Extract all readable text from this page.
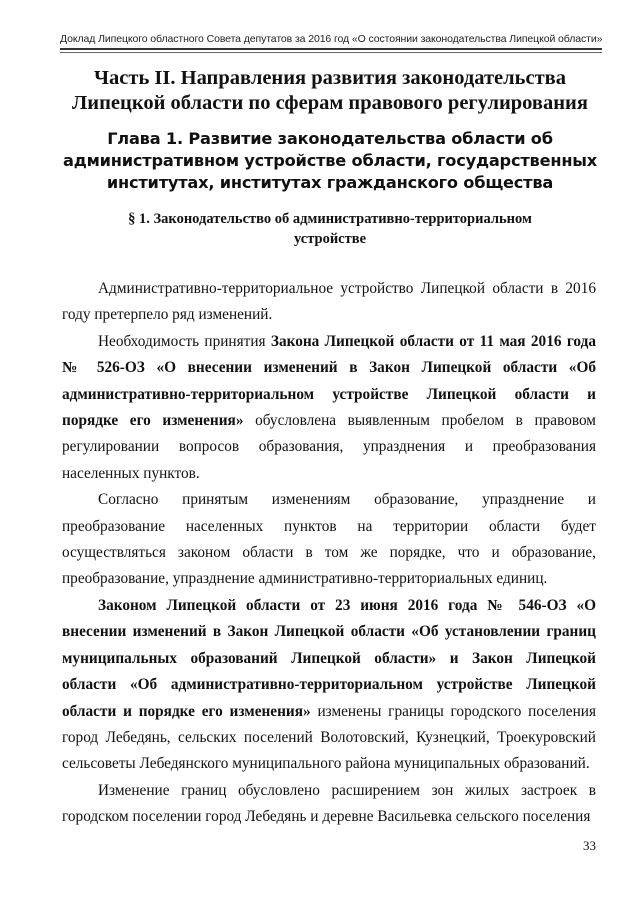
Доклад Липецкого областного Совета депутатов за 2016 год «О состоянии законодательства Липецкой области»
Часть II. Направления развития законодательства
Липецкой области по сферам правового регулирования
Глава 1. Развитие законодательства области об
административном устройстве области, государственных
институтах, институтах гражданского общества
§ 1. Законодательство об административно-территориальном
устройстве

Административно-территориальное устройство Липецкой области в 2016 году претерпело ряд изменений.

Необходимость принятия Закона Липецкой области от 11 мая 2016 года № 526-ОЗ «О внесении изменений в Закон Липецкой области «Об административно-территориальном устройстве Липецкой области и порядке его изменения» обусловлена выявленным пробелом в правовом регулировании вопросов образования, упразднения и преобразования населенных пунктов.

Согласно принятым изменениям образование, упразднение и преобразование населенных пунктов на территории области будет осуществляться законом области в том же порядке, что и образование, преобразование, упразднение административно-территориальных единиц.

Законом Липецкой области от 23 июня 2016 года № 546-ОЗ «О внесении изменений в Закон Липецкой области «Об установлении границ муниципальных образований Липецкой области» и Закон Липецкой области «Об административно-территориальном устройстве Липецкой области и порядке его изменения» изменены границы городского поселения город Лебедянь, сельских поселений Волотовский, Кузнецкий, Троекуровский сельсоветы Лебедянского муниципального района муниципальных образований.

Изменение границ обусловлено расширением зон жилых застроек в городском поселении город Лебедянь и деревне Васильевка сельского поселения

33
